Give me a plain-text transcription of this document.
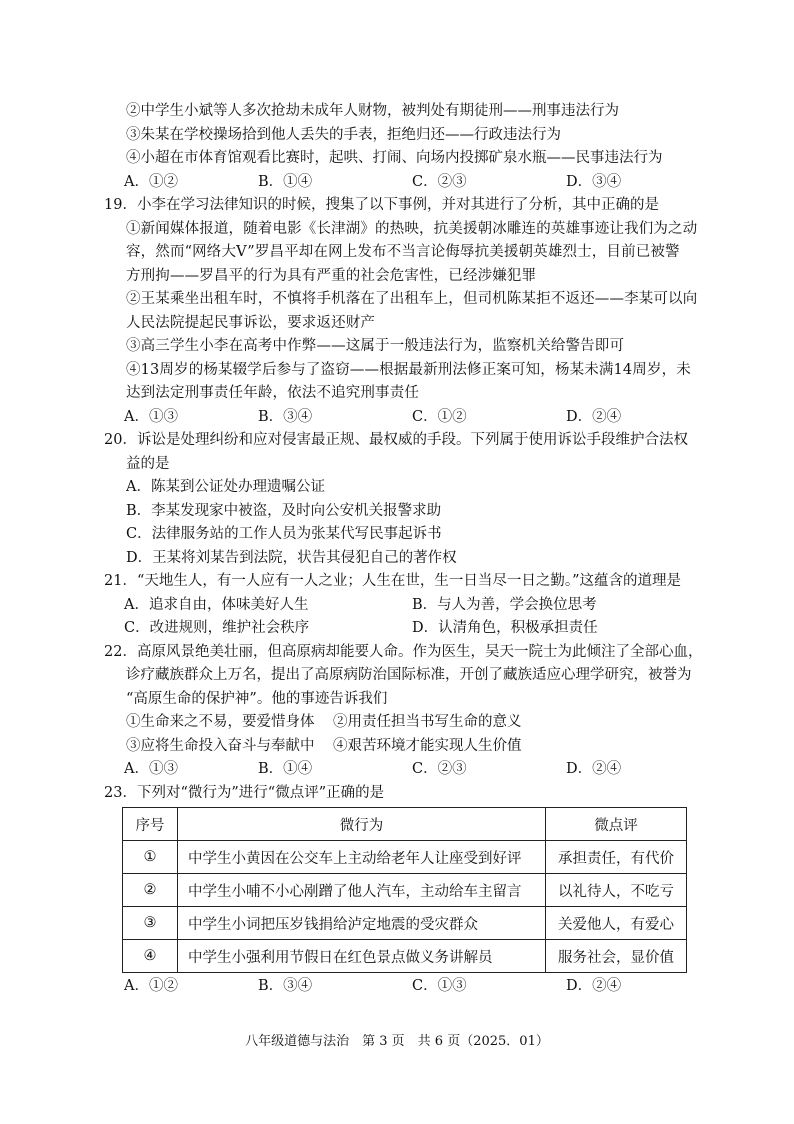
②中学生小斌等人多次抢劫未成年人财物，被判处有期徒刑——刑事违法行为
③朱某在学校操场拾到他人丢失的手表，拒绝归还——行政违法行为
④小超在市体育馆观看比赛时，起哄、打闹、向场内投掷矿泉水瓶——民事违法行为
A．①②	B．①④	C．②③	D．③④
19．小李在学习法律知识的时候，搜集了以下事例，并对其进行了分析，其中正确的是
①新闻媒体报道，随着电影《长津湖》的热映，抗美援朝冰雕连的英雄事迹让我们为之动
容，然而“网络大V”罗昌平却在网上发布不当言论侮辱抗美援朝英雄烈士，目前已被警
方刑拘——罗昌平的行为具有严重的社会危害性，已经涉嫌犯罪
②王某乘坐出租车时，不慎将手机落在了出租车上，但司机陈某拒不返还——李某可以向
人民法院提起民事诉讼，要求返还财产
③高三学生小李在高考中作弊——这属于一般违法行为，监察机关给警告即可
④13周岁的杨某辍学后参与了盗窃——根据最新刑法修正案可知，杨某未满14周岁，未
达到法定刑事责任年龄，依法不追究刑事责任
A．①③	B．③④	C．①②	D．②④
20．诉讼是处理纠纷和应对侵害最正规、最权威的手段。下列属于使用诉讼手段维护合法权
益的是
A．陈某到公证处办理遗嘱公证
B．李某发现家中被盗，及时向公安机关报警求助
C．法律服务站的工作人员为张某代写民事起诉书
D．王某将刘某告到法院，状告其侵犯自己的著作权
21．“天地生人，有一人应有一人之业；人生在世，生一日当尽一日之勤。”这蕴含的道理是
A．追求自由，体味美好人生	B．与人为善，学会换位思考
C．改进规则，维护社会秩序	D．认清角色，积极承担责任
22．高原风景绝美壮丽，但高原病却能要人命。作为医生，吴天一院士为此倾注了全部心血，
诊疗藏族群众上万名，提出了高原病防治国际标准，开创了藏族适应心理学研究，被誉为
“高原生命的保护神”。他的事迹告诉我们
①生命来之不易，要爱惜身体 ②用责任担当书写生命的意义
③应将生命投入奋斗与奉献中 ④艰苦环境才能实现人生价值
A．①③	B．①④	C．②③	D．②④
23．下列对“微行为”进行“微点评”正确的是
序号	微行为	微点评
①	中学生小黄因在公交车上主动给老年人让座受到好评	承担责任，有代价
②	中学生小哺不小心剐蹭了他人汽车，主动给车主留言	以礼待人，不吃亏
③	中学生小词把压岁钱捐给泸定地震的受灾群众	关爱他人，有爱心
④	中学生小强利用节假日在红色景点做义务讲解员	服务社会，显价值
A．①②	B．③④	C．①③	D．②④
八年级道德与法治　第 3 页　共 6 页（2025．01）
